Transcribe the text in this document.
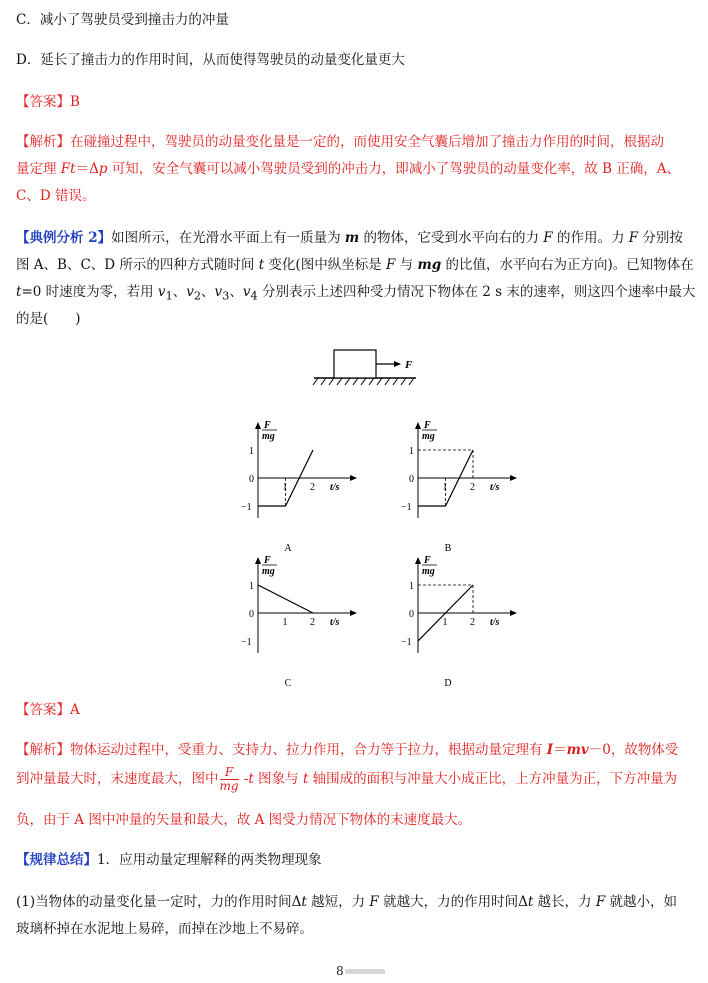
C．减小了驾驶员受到撞击力的冲量
D．延长了撞击力的作用时间，从而使得驾驶员的动量变化量更大
【答案】B
【解析】在碰撞过程中，驾驶员的动量变化量是一定的，而使用安全气囊后增加了撞击力作用的时间，根据动
量定理 Ft＝Δp 可知，安全气囊可以减小驾驶员受到的冲击力，即减小了驾驶员的动量变化率，故 B 正确，A、
C、D 错误。
【典例分析 2】如图所示，在光滑水平面上有一质量为 m 的物体，它受到水平向右的力 F 的作用。力 F 分别按
图 A、B、C、D 所示的四种方式随时间 t 变化(图中纵坐标是 F 与 mg 的比值，水平向右为正方向)。已知物体在
t=0 时速度为零，若用 $v_1$、$v_2$、$v_3$、$v_4$ 分别表示上述四种受力情况下物体在 2 s 末的速率，则这四个速率中最大
的是(　　)
F
F
mg
1
0
−1
1 2 t/s
A
F
mg
1
0
−1
1 2 t/s
B
F
mg
1
0
−1
1 2 t/s
C
F
mg
1
0
−1
1 2 t/s
D
【答案】A
【解析】物体运动过程中，受重力、支持力、拉力作用，合力等于拉力，根据动量定理有 I＝mv－0，故物体受
到冲量最大时，末速度最大，图中 $\frac{F}{mg} -t$ 图象与 t 轴围成的面积与冲量大小成正比，上方冲量为正，下方冲量为
负，由于 A 图中冲量的矢量和最大，故 A 图受力情况下物体的末速度最大。
【规律总结】1．应用动量定理解释的两类物理现象
(1)当物体的动量变化量一定时，力的作用时间Δt 越短，力 F 就越大，力的作用时间Δt 越长，力 F 就越小，如
玻璃杯掉在水泥地上易碎，而掉在沙地上不易碎。
8
